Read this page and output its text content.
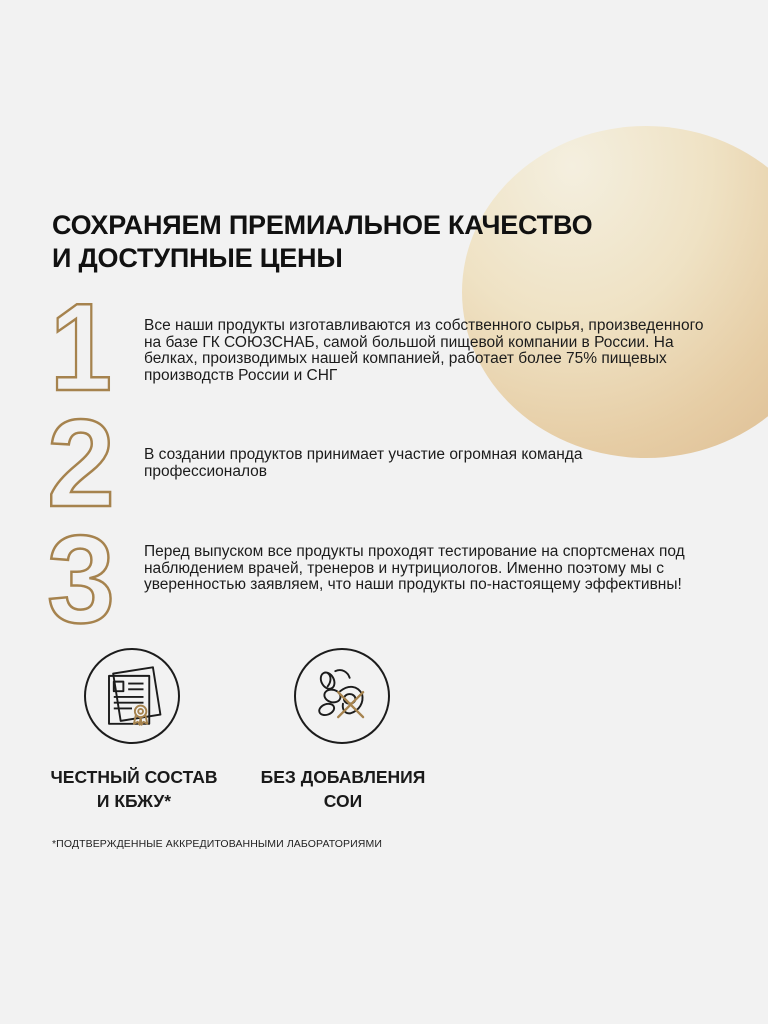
СОХРАНЯЕМ ПРЕМИАЛЬНОЕ КАЧЕСТВО
И ДОСТУПНЫЕ ЦЕНЫ
1 Все наши продукты изготавливаются из собственного сырья, произведенного на базе ГК СОЮЗСНАБ, самой большой пищевой компании в России. На белках, производимых нашей компанией, работает более 75% пищевых производств России и СНГ

2 В создании продуктов принимает участие огромная команда профессионалов

3 Перед выпуском все продукты проходят тестирование на спортсменах под наблюдением врачей, тренеров и нутрициологов. Именно поэтому мы с уверенностью заявляем, что наши продукты по-настоящему эффективны!

ЧЕСТНЫЙ СОСТАВ
И КБЖУ*

БЕЗ ДОБАВЛЕНИЯ
СОИ

*ПОДТВЕРЖДЕННЫЕ АККРЕДИТОВАННЫМИ ЛАБОРАТОРИЯМИ
